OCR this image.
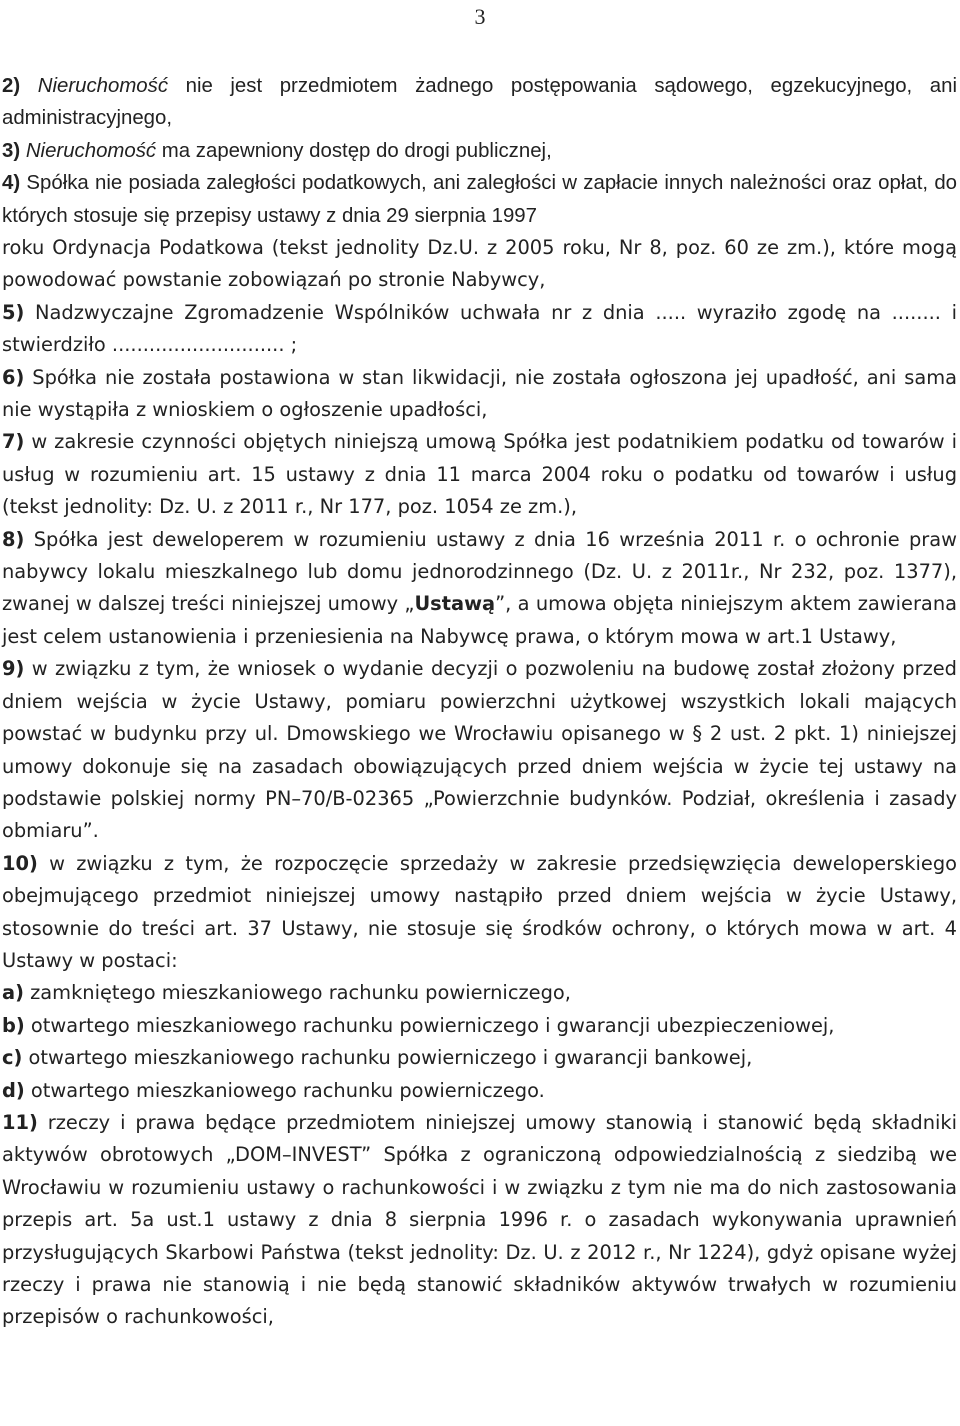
3

2) Nieruchomość nie jest przedmiotem żadnego postępowania sądowego, egzekucyjnego, ani administracyjnego,

3) Nieruchomość ma zapewniony dostęp do drogi publicznej,

4) Spółka nie posiada zaległości podatkowych, ani zaległości w zapłacie innych należności oraz opłat, do których stosuje się przepisy ustawy z dnia 29 sierpnia 1997

roku Ordynacja Podatkowa (tekst jednolity Dz.U. z 2005 roku, Nr 8, poz. 60 ze zm.), które mogą powodować powstanie zobowiązań po stronie Nabywcy,

5) Nadzwyczajne Zgromadzenie Wspólników uchwała nr z dnia ..... wyraziło zgodę na ........ i stwierdziło ............................ ;

6) Spółka nie została postawiona w stan likwidacji, nie została ogłoszona jej upadłość, ani sama nie wystąpiła z wnioskiem o ogłoszenie upadłości,

7) w zakresie czynności objętych niniejszą umową Spółka jest podatnikiem podatku od towarów i usług w rozumieniu art. 15 ustawy z dnia 11 marca 2004 roku o podatku od towarów i usług (tekst jednolity: Dz. U. z 2011 r., Nr 177, poz. 1054 ze zm.),

8) Spółka jest deweloperem w rozumieniu ustawy z dnia 16 września 2011 r. o ochronie praw nabywcy lokalu mieszkalnego lub domu jednorodzinnego (Dz. U. z 2011r., Nr 232, poz. 1377), zwanej w dalszej treści niniejszej umowy „Ustawą”, a umowa objęta niniejszym aktem zawierana jest celem ustanowienia i przeniesienia na Nabywcę prawa, o którym mowa w art.1 Ustawy,

9) w związku z tym, że wniosek o wydanie decyzji o pozwoleniu na budowę został złożony przed dniem wejścia w życie Ustawy, pomiaru powierzchni użytkowej wszystkich lokali mających powstać w budynku przy ul. Dmowskiego we Wrocławiu opisanego w § 2 ust. 2 pkt. 1) niniejszej umowy dokonuje się na zasadach obowiązujących przed dniem wejścia w życie tej ustawy na podstawie polskiej normy PN–70/B-02365 „Powierzchnie budynków. Podział, określenia i zasady obmiaru”.

10) w związku z tym, że rozpoczęcie sprzedaży w zakresie przedsięwzięcia deweloperskiego obejmującego przedmiot niniejszej umowy nastąpiło przed dniem wejścia w życie Ustawy, stosownie do treści art. 37 Ustawy, nie stosuje się środków ochrony, o których mowa w art. 4 Ustawy w postaci:

a) zamkniętego mieszkaniowego rachunku powierniczego,

b) otwartego mieszkaniowego rachunku powierniczego i gwarancji ubezpieczeniowej,

c) otwartego mieszkaniowego rachunku powierniczego i gwarancji bankowej,

d) otwartego mieszkaniowego rachunku powierniczego.

11) rzeczy i prawa będące przedmiotem niniejszej umowy stanowią i stanowić będą składniki aktywów obrotowych „DOM–INVEST” Spółka z ograniczoną odpowiedzialnością z siedzibą we Wrocławiu w rozumieniu ustawy o rachunkowości i w związku z tym nie ma do nich zastosowania przepis art. 5a ust.1 ustawy z dnia 8 sierpnia 1996 r. o zasadach wykonywania uprawnień przysługujących Skarbowi Państwa (tekst jednolity: Dz. U. z 2012 r., Nr 1224), gdyż opisane wyżej rzeczy i prawa nie stanowią i nie będą stanowić składników aktywów trwałych w rozumieniu przepisów o rachunkowości,
